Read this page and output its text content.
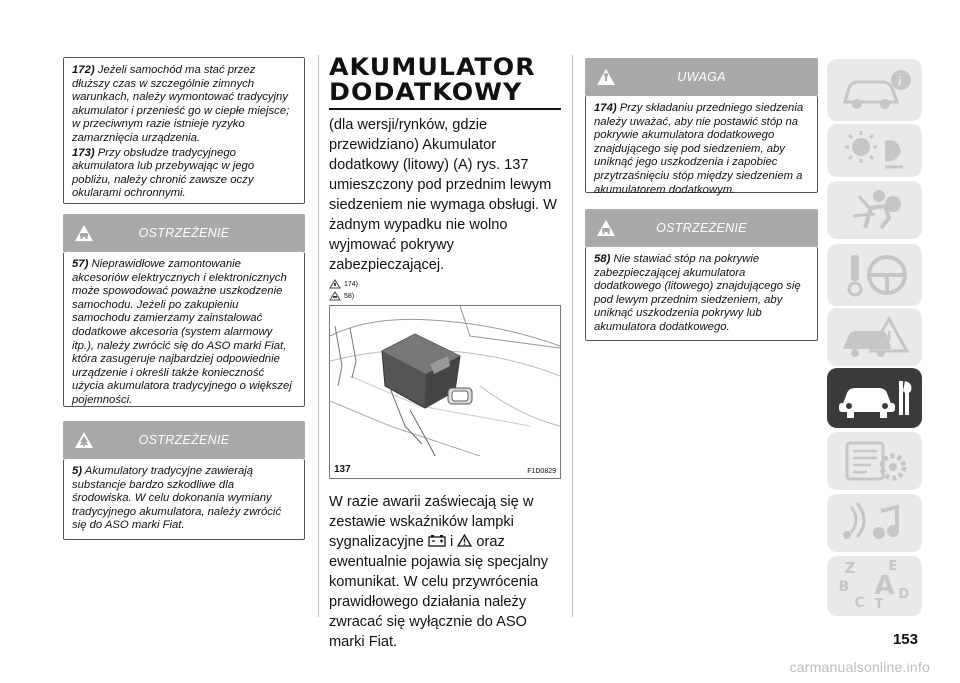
172) Jeżeli samochód ma stać przez dłuższy czas w szczególnie zimnych warunkach, należy wymontować tradycyjny akumulator i przenieść go w ciepłe miejsce; w przeciwnym razie istnieje ryzyko zamarznięcia urządzenia.

173) Przy obsłudze tradycyjnego akumulatora lub przebywając w jego pobliżu, należy chronić zawsze oczy okularami ochronnymi.

OSTRZEŻENIE

57) Nieprawidłowe zamontowanie akcesoriów elektrycznych i elektronicznych może spowodować poważne uszkodzenie samochodu. Jeżeli po zakupieniu samochodu zamierzamy zainstalować dodatkowe akcesoria (system alarmowy itp.), należy zwrócić się do ASO marki Fiat, która zasugeruje najbardziej odpowiednie urządzenie i określi także konieczność użycia akumulatora tradycyjnego o większej pojemności.

OSTRZEŻENIE

5) Akumulatory tradycyjne zawierają substancje bardzo szkodliwe dla środowiska. W celu dokonania wymiany tradycyjnego akumulatora, należy zwrócić się do ASO marki Fiat.

AKUMULATOR
DODATKOWY
(dla wersji/rynków, gdzie przewidziano) Akumulator dodatkowy (litowy) (A) rys. 137 umieszczony pod przednim lewym siedzeniem nie wymaga obsługi. W żadnym wypadku nie wolno wyjmować pokrywy zabezpieczającej.
174)
58)
137	F1D0829
W razie awarii zaświecają się w zestawie wskaźników lampki sygnalizacyjne i oraz ewentualnie pojawia się specjalny komunikat. W celu przywrócenia prawidłowego działania należy zwracać się wyłącznie do ASO marki Fiat.
UWAGA

174) Przy składaniu przedniego siedzenia należy uważać, aby nie postawić stóp na pokrywie akumulatora dodatkowego znajdującego się pod siedzeniem, aby uniknąć jego uszkodzenia i zapobiec przytrzaśnięciu stóp między siedzeniem a akumulatorem dodatkowym.

OSTRZEŻENIE

58) Nie stawiać stóp na pokrywie zabezpieczającej akumulatora dodatkowego (litowego) znajdującego się pod lewym przednim siedzeniem, aby uniknąć uszkodzenia pokrywy lub akumulatora dodatkowego.

i
Z	E
B A
C
D
T
153
carmanualsonline.info
